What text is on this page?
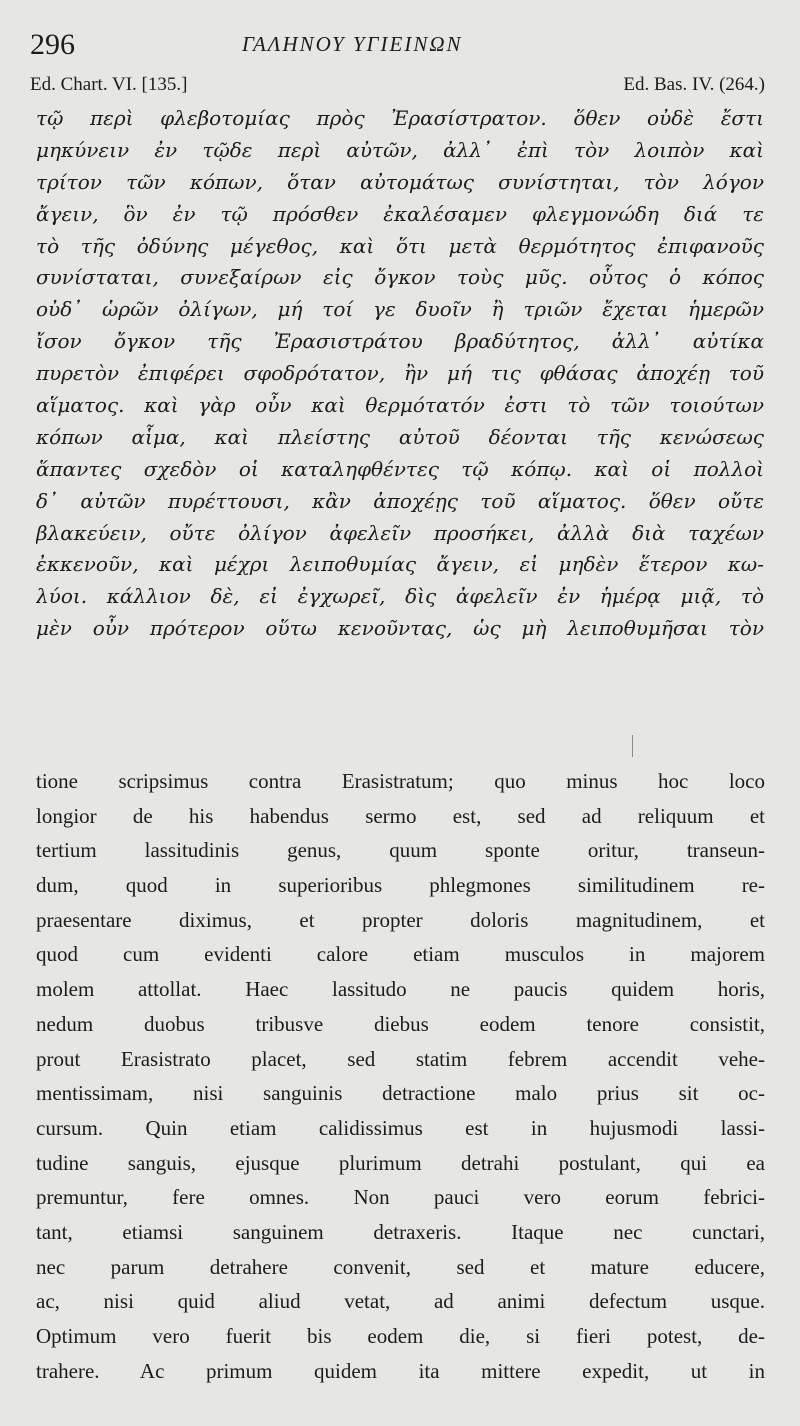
296	ΓΑΛΗΝΟΥ ΥΓΙΕΙΝΩΝ
Ed. Chart. VI. [135.]	Ed. Bas. IV. (264.)
τῷ περὶ φλεβοτομίας πρὸς Ἐρασίστρατον. ὅθεν οὐδὲ ἔστι
μηκύνειν ἐν τῷδε περὶ αὐτῶν, ἀλλ᾽ ἐπὶ τὸν λοιπὸν καὶ
τρίτον τῶν κόπων, ὅταν αὐτομάτως συνίστηται, τὸν λόγον
ἄγειν, ὃν ἐν τῷ πρόσθεν ἐκαλέσαμεν φλεγμονώδη διά τε
τὸ τῆς ὀδύνης μέγεθος, καὶ ὅτι μετὰ θερμότητος ἐπιφανοῦς
συνίσταται, συνεξαίρων εἰς ὄγκον τοὺς μῦς. οὗτος ὁ κόπος
οὐδ᾽ ὡρῶν ὀλίγων, μή τοί γε δυοῖν ἢ τριῶν ἔχεται ἡμερῶν
ἴσον ὄγκον τῆς Ἐρασιστράτου βραδύτητος, ἀλλ᾽ αὐτίκα
πυρετὸν ἐπιφέρει σφοδρότατον, ἢν μή τις φθάσας ἀποχέῃ τοῦ
αἵματος. καὶ γὰρ οὖν καὶ θερμότατόν ἐστι τὸ τῶν τοιούτων
κόπων αἷμα, καὶ πλείστης αὐτοῦ δέονται τῆς κενώσεως
ἅπαντες σχεδὸν οἱ καταληφθέντες τῷ κόπῳ. καὶ οἱ πολλοὶ
δ᾽ αὐτῶν πυρέττουσι, κἂν ἀποχέῃς τοῦ αἵματος. ὅθεν οὔτε
βλακεύειν, οὔτε ὀλίγον ἀφελεῖν προσήκει, ἀλλὰ διὰ ταχέων
ἐκκενοῦν, καὶ μέχρι λειποθυμίας ἄγειν, εἰ μηδὲν ἕτερον κω-
λύοι. κάλλιον δὲ, εἰ ἐγχωρεῖ, δὶς ἀφελεῖν ἐν ἡμέρᾳ μιᾷ, τὸ
μὲν οὖν πρότερον οὕτω κενοῦντας, ὡς μὴ λειποθυμῆσαι τὸν
tione scripsimus contra Erasistratum; quo minus hoc loco
longior de his habendus sermo est, sed ad reliquum et
tertium lassitudinis genus, quum sponte oritur, transeun-
dum, quod in superioribus phlegmones similitudinem re-
praesentare diximus, et propter doloris magnitudinem, et
quod cum evidenti calore etiam musculos in majorem
molem attollat. Haec lassitudo ne paucis quidem horis,
nedum duobus tribusve diebus eodem tenore consistit,
prout Erasistrato placet, sed statim febrem accendit vehe-
mentissimam, nisi sanguinis detractione malo prius sit oc-
cursum. Quin etiam calidissimus est in hujusmodi lassi-
tudine sanguis, ejusque plurimum detrahi postulant, qui ea
premuntur, fere omnes. Non pauci vero eorum febrici-
tant, etiamsi sanguinem detraxeris. Itaque nec cunctari,
nec parum detrahere convenit, sed et mature educere,
ac, nisi quid aliud vetat, ad animi defectum usque.
Optimum vero fuerit bis eodem die, si fieri potest, de-
trahere. Ac primum quidem ita mittere expedit, ut in
